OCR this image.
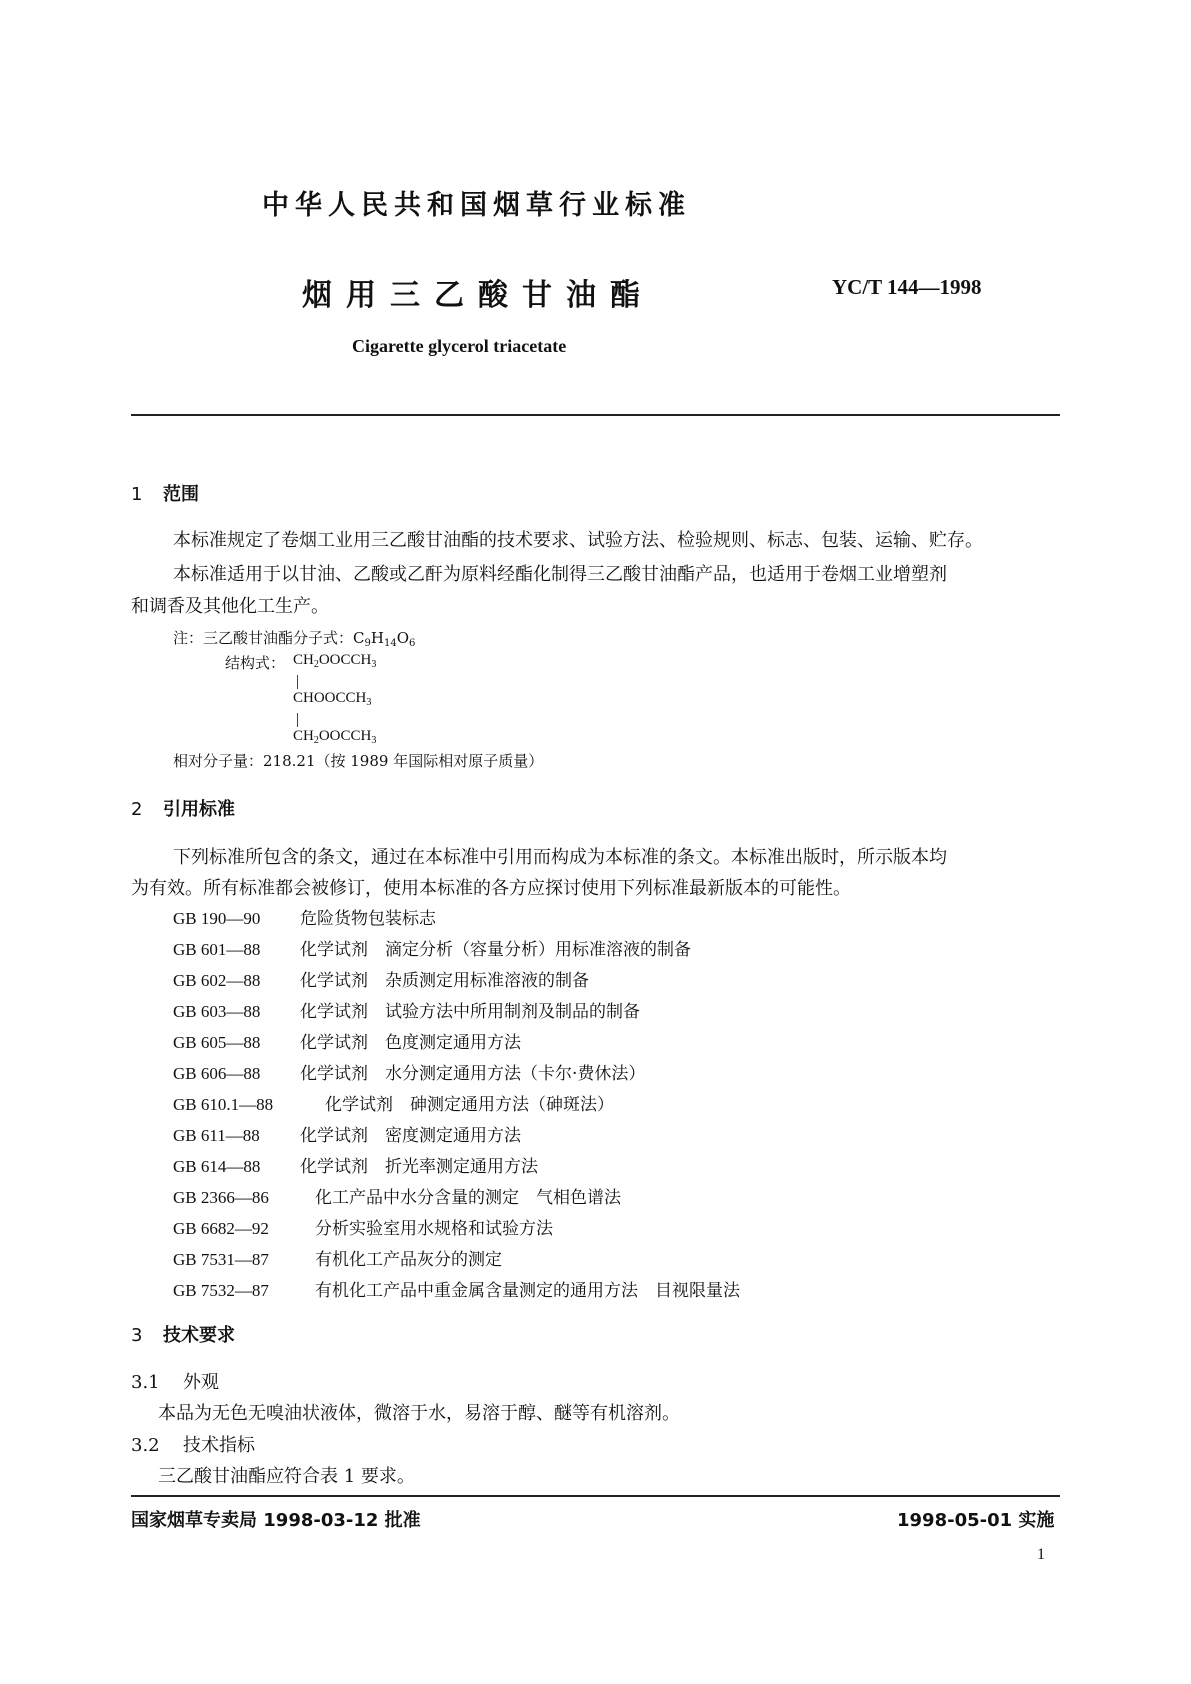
中华人民共和国烟草行业标准
烟用三乙酸甘油酯	YC/T 144—1998
Cigarette glycerol triacetate
1 范围
本标准规定了卷烟工业用三乙酸甘油酯的技术要求、试验方法、检验规则、标志、包装、运输、贮存。
本标准适用于以甘油、乙酸或乙酐为原料经酯化制得三乙酸甘油酯产品，也适用于卷烟工业增塑剂
和调香及其他化工生产。
注：三乙酸甘油酯分子式：$C_9H_{14}O_6$
结构式： $CH_2OOCCH_3$
$CHOOCCH_3$
$CH_2OOCCH_3$
相对分子量：218.21（按 1989 年国际相对原子质量）
2 引用标准
下列标准所包含的条文，通过在本标准中引用而构成为本标准的条文。本标准出版时，所示版本均
为有效。所有标准都会被修订，使用本标准的各方应探讨使用下列标准最新版本的可能性。
GB 190—90 危险货物包装标志
GB 601—88 化学试剂　滴定分析（容量分析）用标准溶液的制备
GB 602—88 化学试剂　杂质测定用标准溶液的制备
GB 603—88 化学试剂　试验方法中所用制剂及制品的制备
GB 605—88 化学试剂　色度测定通用方法
GB 606—88 化学试剂　水分测定通用方法（卡尔·费休法）
GB 610.1—88	化学试剂　砷测定通用方法（砷斑法）
GB 611—88 化学试剂　密度测定通用方法
GB 614—88 化学试剂　折光率测定通用方法
GB 2366—86	化工产品中水分含量的测定　气相色谱法
GB 6682—92	分析实验室用水规格和试验方法
GB 7531—87	有机化工产品灰分的测定
GB 7532—87	有机化工产品中重金属含量测定的通用方法　目视限量法
3 技术要求
3.1 外观
本品为无色无嗅油状液体，微溶于水，易溶于醇、醚等有机溶剂。
3.2 技术指标
三乙酸甘油酯应符合表 1 要求。
国家烟草专卖局 1998-03-12 批准	1998-05-01 实施
1
